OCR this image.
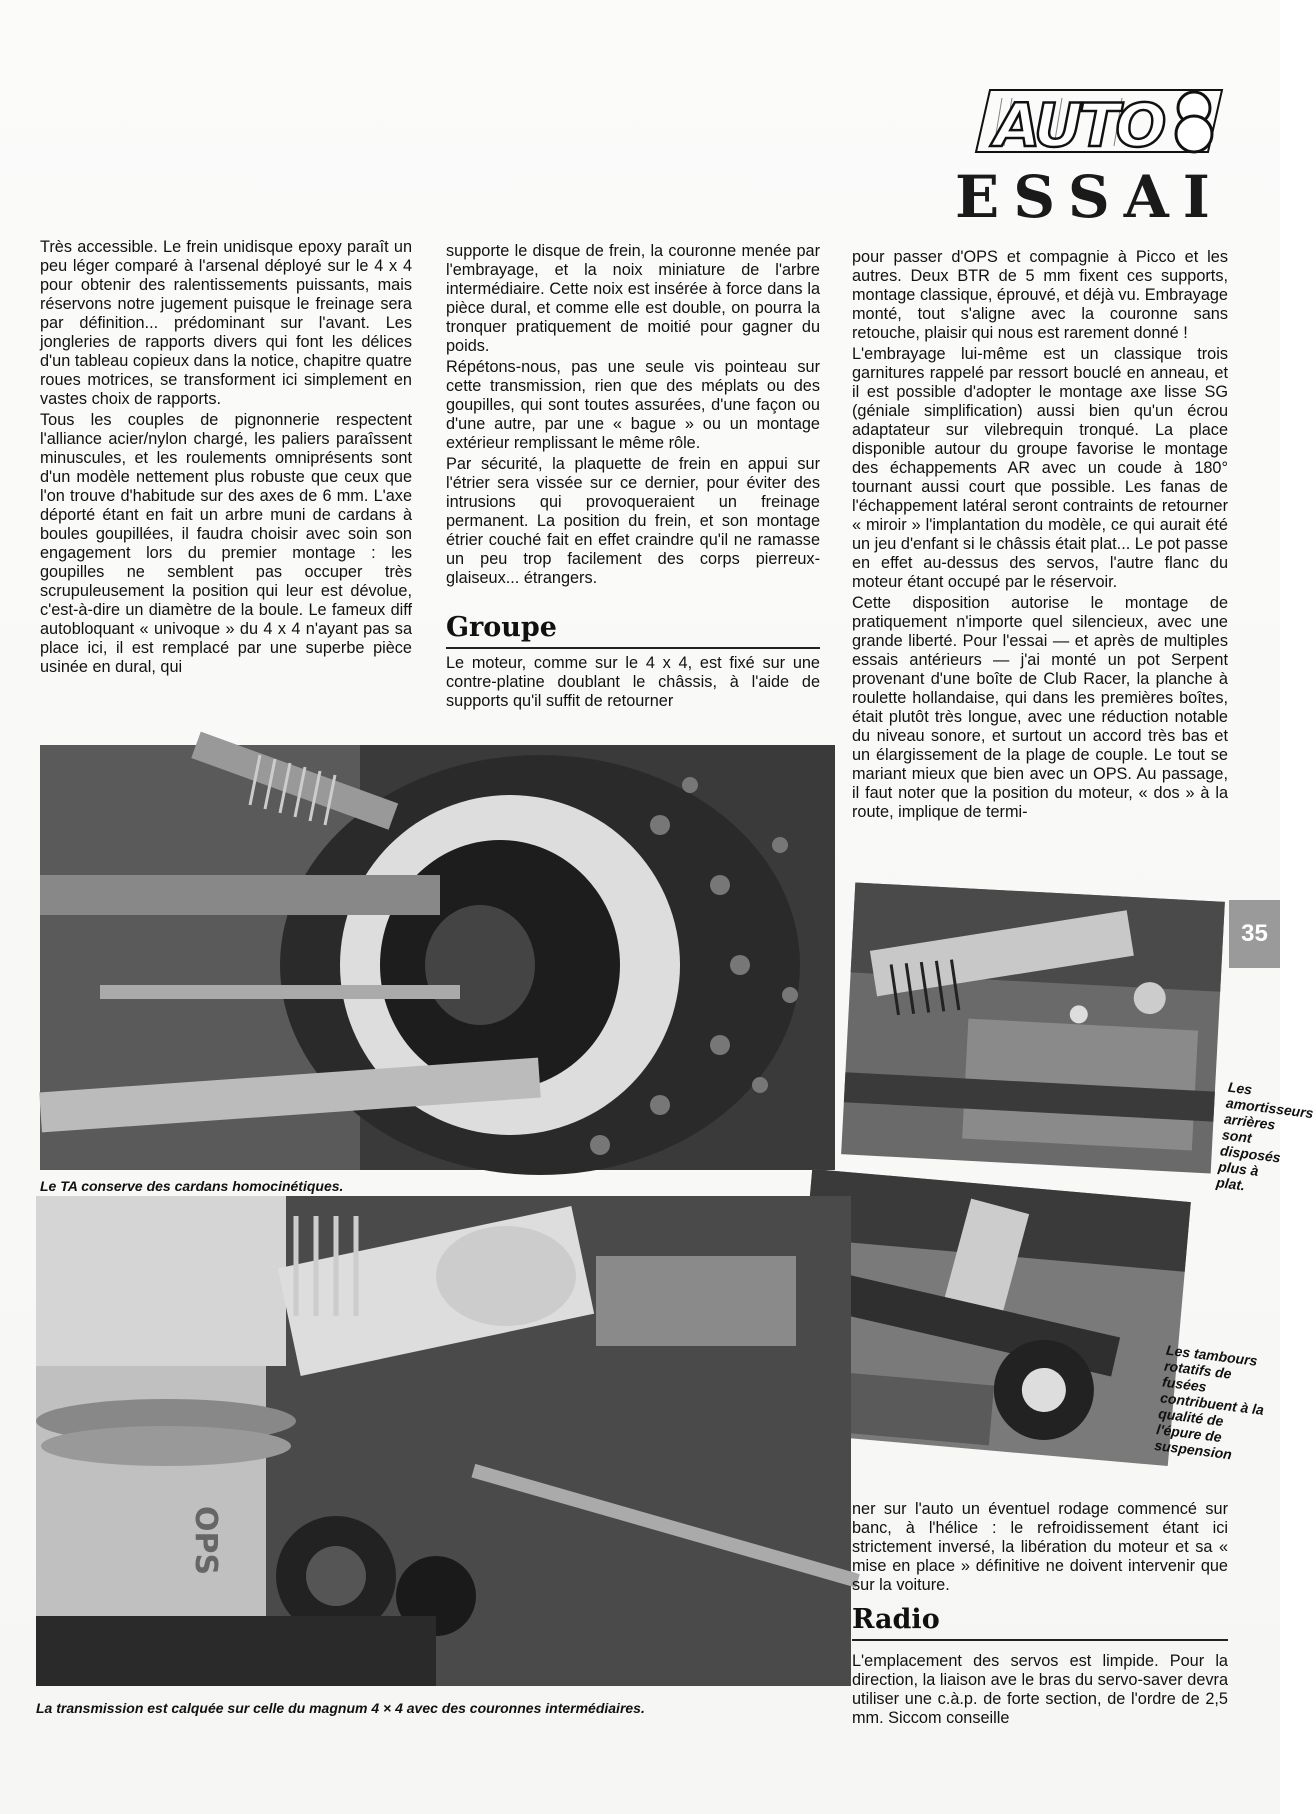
AUTO
ESSAI

Très accessible. Le frein unidisque epoxy paraît un peu léger comparé à l'arsenal déployé sur le 4 x 4 pour obtenir des ralentissements puissants, mais réservons notre jugement puisque le freinage sera par définition... prédominant sur l'avant. Les jongleries de rapports divers qui font les délices d'un tableau copieux dans la notice, chapitre quatre roues motrices, se transforment ici simplement en vastes choix de rapports.

Tous les couples de pignonnerie respectent l'alliance acier/nylon chargé, les paliers paraîssent minuscules, et les roulements omniprésents sont d'un modèle nettement plus robuste que ceux que l'on trouve d'habitude sur des axes de 6 mm. L'axe déporté étant en fait un arbre muni de cardans à boules goupillées, il faudra choisir avec soin son engagement lors du premier montage : les goupilles ne semblent pas occuper très scrupuleusement la position qui leur est dévolue, c'est-à-dire un diamètre de la boule. Le fameux diff autobloquant « univoque » du 4 x 4 n'ayant pas sa place ici, il est remplacé par une superbe pièce usinée en dural, qui

supporte le disque de frein, la couronne menée par l'embrayage, et la noix miniature de l'arbre intermédiaire. Cette noix est insérée à force dans la pièce dural, et comme elle est double, on pourra la tronquer pratiquement de moitié pour gagner du poids.

Répétons-nous, pas une seule vis pointeau sur cette transmission, rien que des méplats ou des goupilles, qui sont toutes assurées, d'une façon ou d'une autre, par une « bague » ou un montage extérieur remplissant le même rôle.

Par sécurité, la plaquette de frein en appui sur l'étrier sera vissée sur ce dernier, pour éviter des intrusions qui provoqueraient un freinage permanent. La position du frein, et son montage étrier couché fait en effet craindre qu'il ne ramasse un peu trop facilement des corps pierreux-glaiseux... étrangers.

Groupe

Le moteur, comme sur le 4 x 4, est fixé sur une contre-platine doublant le châssis, à l'aide de supports qu'il suffit de retourner

pour passer d'OPS et compagnie à Picco et les autres. Deux BTR de 5 mm fixent ces supports, montage classique, éprouvé, et déjà vu. Embrayage monté, tout s'aligne avec la couronne sans retouche, plaisir qui nous est rarement donné !

L'embrayage lui-même est un classique trois garnitures rappelé par ressort bouclé en anneau, et il est possible d'adopter le montage axe lisse SG (géniale simplification) aussi bien qu'un écrou adaptateur sur vilebrequin tronqué. La place disponible autour du groupe favorise le montage des échappements AR avec un coude à 180° tournant aussi court que possible. Les fanas de l'échappement latéral seront contraints de retourner « miroir » l'implantation du modèle, ce qui aurait été un jeu d'enfant si le châssis était plat... Le pot passe en effet au-dessus des servos, l'autre flanc du moteur étant occupé par le réservoir.

Cette disposition autorise le montage de pratiquement n'importe quel silencieux, avec une grande liberté. Pour l'essai — et après de multiples essais antérieurs — j'ai monté un pot Serpent provenant d'une boîte de Club Racer, la planche à roulette hollandaise, qui dans les premières boîtes, était plutôt très longue, avec une réduction notable du niveau sonore, et surtout un accord très bas et un élargissement de la plage de couple. Le tout se mariant mieux que bien avec un OPS. Au passage, il faut noter que la position du moteur, « dos » à la route, implique de termi-

35
Le TA conserve des cardans homocinétiques.
Les amortisseurs arrières sont disposés plus à plat.
Les tambours rotatifs de fusées contribuent à la qualité de l'épure de suspension
OPS
La transmission est calquée sur celle du magnum 4 × 4 avec des couronnes intermédiaires.

ner sur l'auto un éventuel rodage commencé sur banc, à l'hélice : le refroidissement étant ici strictement inversé, la libération du moteur et sa « mise en place » définitive ne doivent intervenir que sur la voiture.

Radio

L'emplacement des servos est limpide. Pour la direction, la liaison ave le bras du servo-saver devra utiliser une c.à.p. de forte section, de l'ordre de 2,5 mm. Siccom conseille
